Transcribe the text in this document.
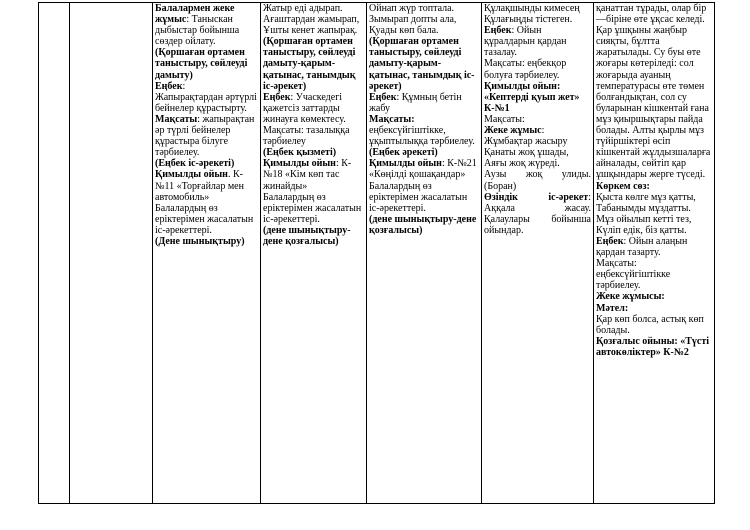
Балалармен жеке жұмыс: Таныскан дыбыстар бойынша сөздер ойлату.
(Қоршаған ортамен таныстыру, сөйлеуді дамыту)
Еңбек:
Жапырақтардан әртүрлі бейнелер құрастырту.
Мақсаты: жапырақтан әр түрлі бейнелер құрастыра білуге тәрбиелеу.
(Еңбек іс-әрекеті)
Қимылды ойын. К-№11 «Торғайлар мен автомобиль»
Балалардың өз еріктерімен жасалатын іс-әрекеттері.
(Дене шынықтыру)

Жатыр еді адырап.
Ағаштардан жамырап,
Ұшты кенет жапырақ.
(Қоршаған ортамен таныстыру, сөйлеуді дамыту-қарым-қатынас, танымдық іс-әрекет)
Еңбек: Учаскедегі қажетсіз заттарды жинауға көмектесу.
Мақсаты: тазалыққа тәрбиелеу
(Еңбек қызметі)
Қимылды ойын: К-№18 «Кім көп тас жинайды»
Балалардың өз еріктерімен жасалатын іс-әрекеттері.
(дене шынықтыру-дене қозғалысы)

Ойнап жүр топтала.
Зымырап допты ала,
Қуады көп бала.
(Қоршаған ортамен таныстыру, сөйлеуді дамыту-қарым-қатынас, танымдық іс-әрекет)
Еңбек: Құмның бетін жабу
Мақсаты:
еңбексүйгіштікке, ұқыптылыққа тәрбиелеу.
(Еңбек әрекеті)
Қимылды ойын: К-№21 «Көңілді қошақандар»
Балалардың өз еріктерімен жасалатын іс-әрекеттері.
(дене шынықтыру-дене қозғалысы)

Құлақшынды кимесең
Құлағыңды тістеген.
Еңбек: Ойын құралдарын қардан тазалау.
Мақсаты: еңбекқор болуға тәрбиелеу.
Қимылды ойын:
«Кептерді қуып жет» К-№1
Мақсаты:
Жеке жұмыс: Жұмбақтар жасыру
Қанаты жоқ ұшады,
Аяғы жоқ жүреді.
Аузы жоқ улиды. (Боран)
Өзіндік іс-әрекет: Аққала жасау. Қалаулары бойынша ойындар.

қанаттан тұрады, олар бір—біріне өте ұқсас келеді.
Қар ұшқыны жаңбыр сияқты, бұлтта жаратылады. Су буы өте жоғары көтеріледі: сол жоғарыда ауаның температурасы өте төмен болғандықтан, сол су буларынан кішкентай ғана мұз қиыршықтары пайда болады. Алты қырлы мұз түйіршіктері өсіп кішкентай жұлдызшаларға айналады, сөйтіп қар ұшқындары жерге түседі.
Көркем сөз:
Қыста көлге мұз қатты,
Табанымды мұздатты.
Мұз ойылып кетті тез,
Күліп едік, біз қатты.
Еңбек: Ойын алаңын қардан тазарту.
Мақсаты: еңбексүйгіштікке тәрбиелеу.
Жеке жұмысы:
Мәтел:
Қар көп болса, астық көп болады.
Қозғалыс ойыны: «Түсті автокөліктер» К-№2
